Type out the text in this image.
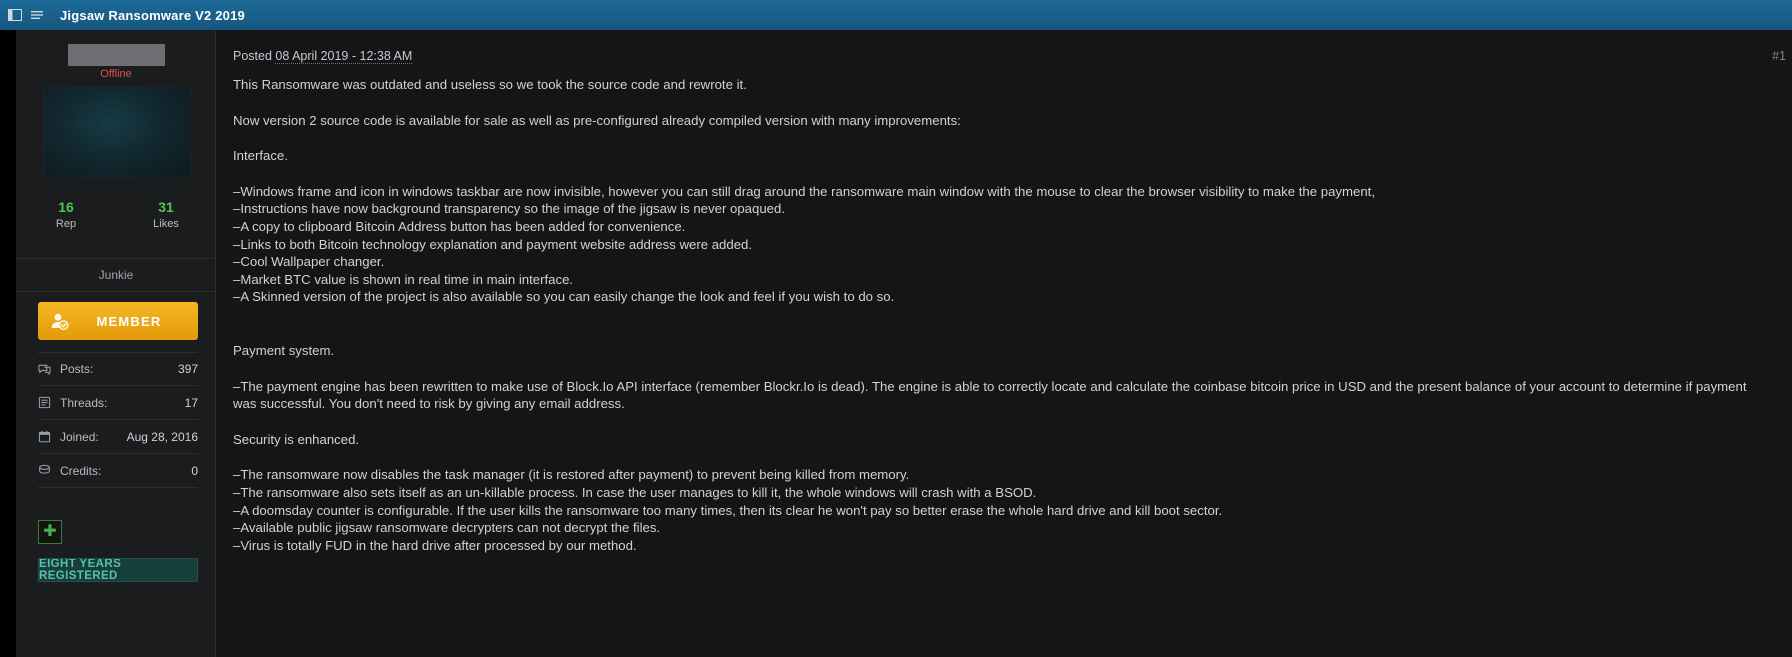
Jigsaw Ransomware V2 2019
Offline
16
Rep
31
Likes
Junkie
MEMBER
Posts:	397
Threads:	17
Joined:	Aug 28, 2016
Credits:	0
✚
EIGHT YEARS REGISTERED
Posted 08 April 2019 - 12:38 AM	#1

This Ransomware was outdated and useless so we took the source code and rewrote it.

Now version 2 source code is available for sale as well as pre-configured already compiled version with many improvements:

Interface.

–Windows frame and icon in windows taskbar are now invisible, however you can still drag around the ransomware main window with the mouse to clear the browser visibility to make the payment,

–Instructions have now background transparency so the image of the jigsaw is never opaqued.

–A copy to clipboard Bitcoin Address button has been added for convenience.

–Links to both Bitcoin technology explanation and payment website address were added.

–Cool Wallpaper changer.

–Market BTC value is shown in real time in main interface.

–A Skinned version of the project is also available so you can easily change the look and feel if you wish to do so.

Payment system.

–The payment engine has been rewritten to make use of Block.Io API interface (remember Blockr.Io is dead). The engine is able to correctly locate and calculate the coinbase bitcoin price in USD and the present balance of your account to determine if payment was successful. You don't need to risk by giving any email address.

Security is enhanced.

–The ransomware now disables the task manager (it is restored after payment) to prevent being killed from memory.

–The ransomware also sets itself as an un-killable process. In case the user manages to kill it, the whole windows will crash with a BSOD.

–A doomsday counter is configurable. If the user kills the ransomware too many times, then its clear he won't pay so better erase the whole hard drive and kill boot sector.

–Available public jigsaw ransomware decrypters can not decrypt the files.

–Virus is totally FUD in the hard drive after processed by our method.
